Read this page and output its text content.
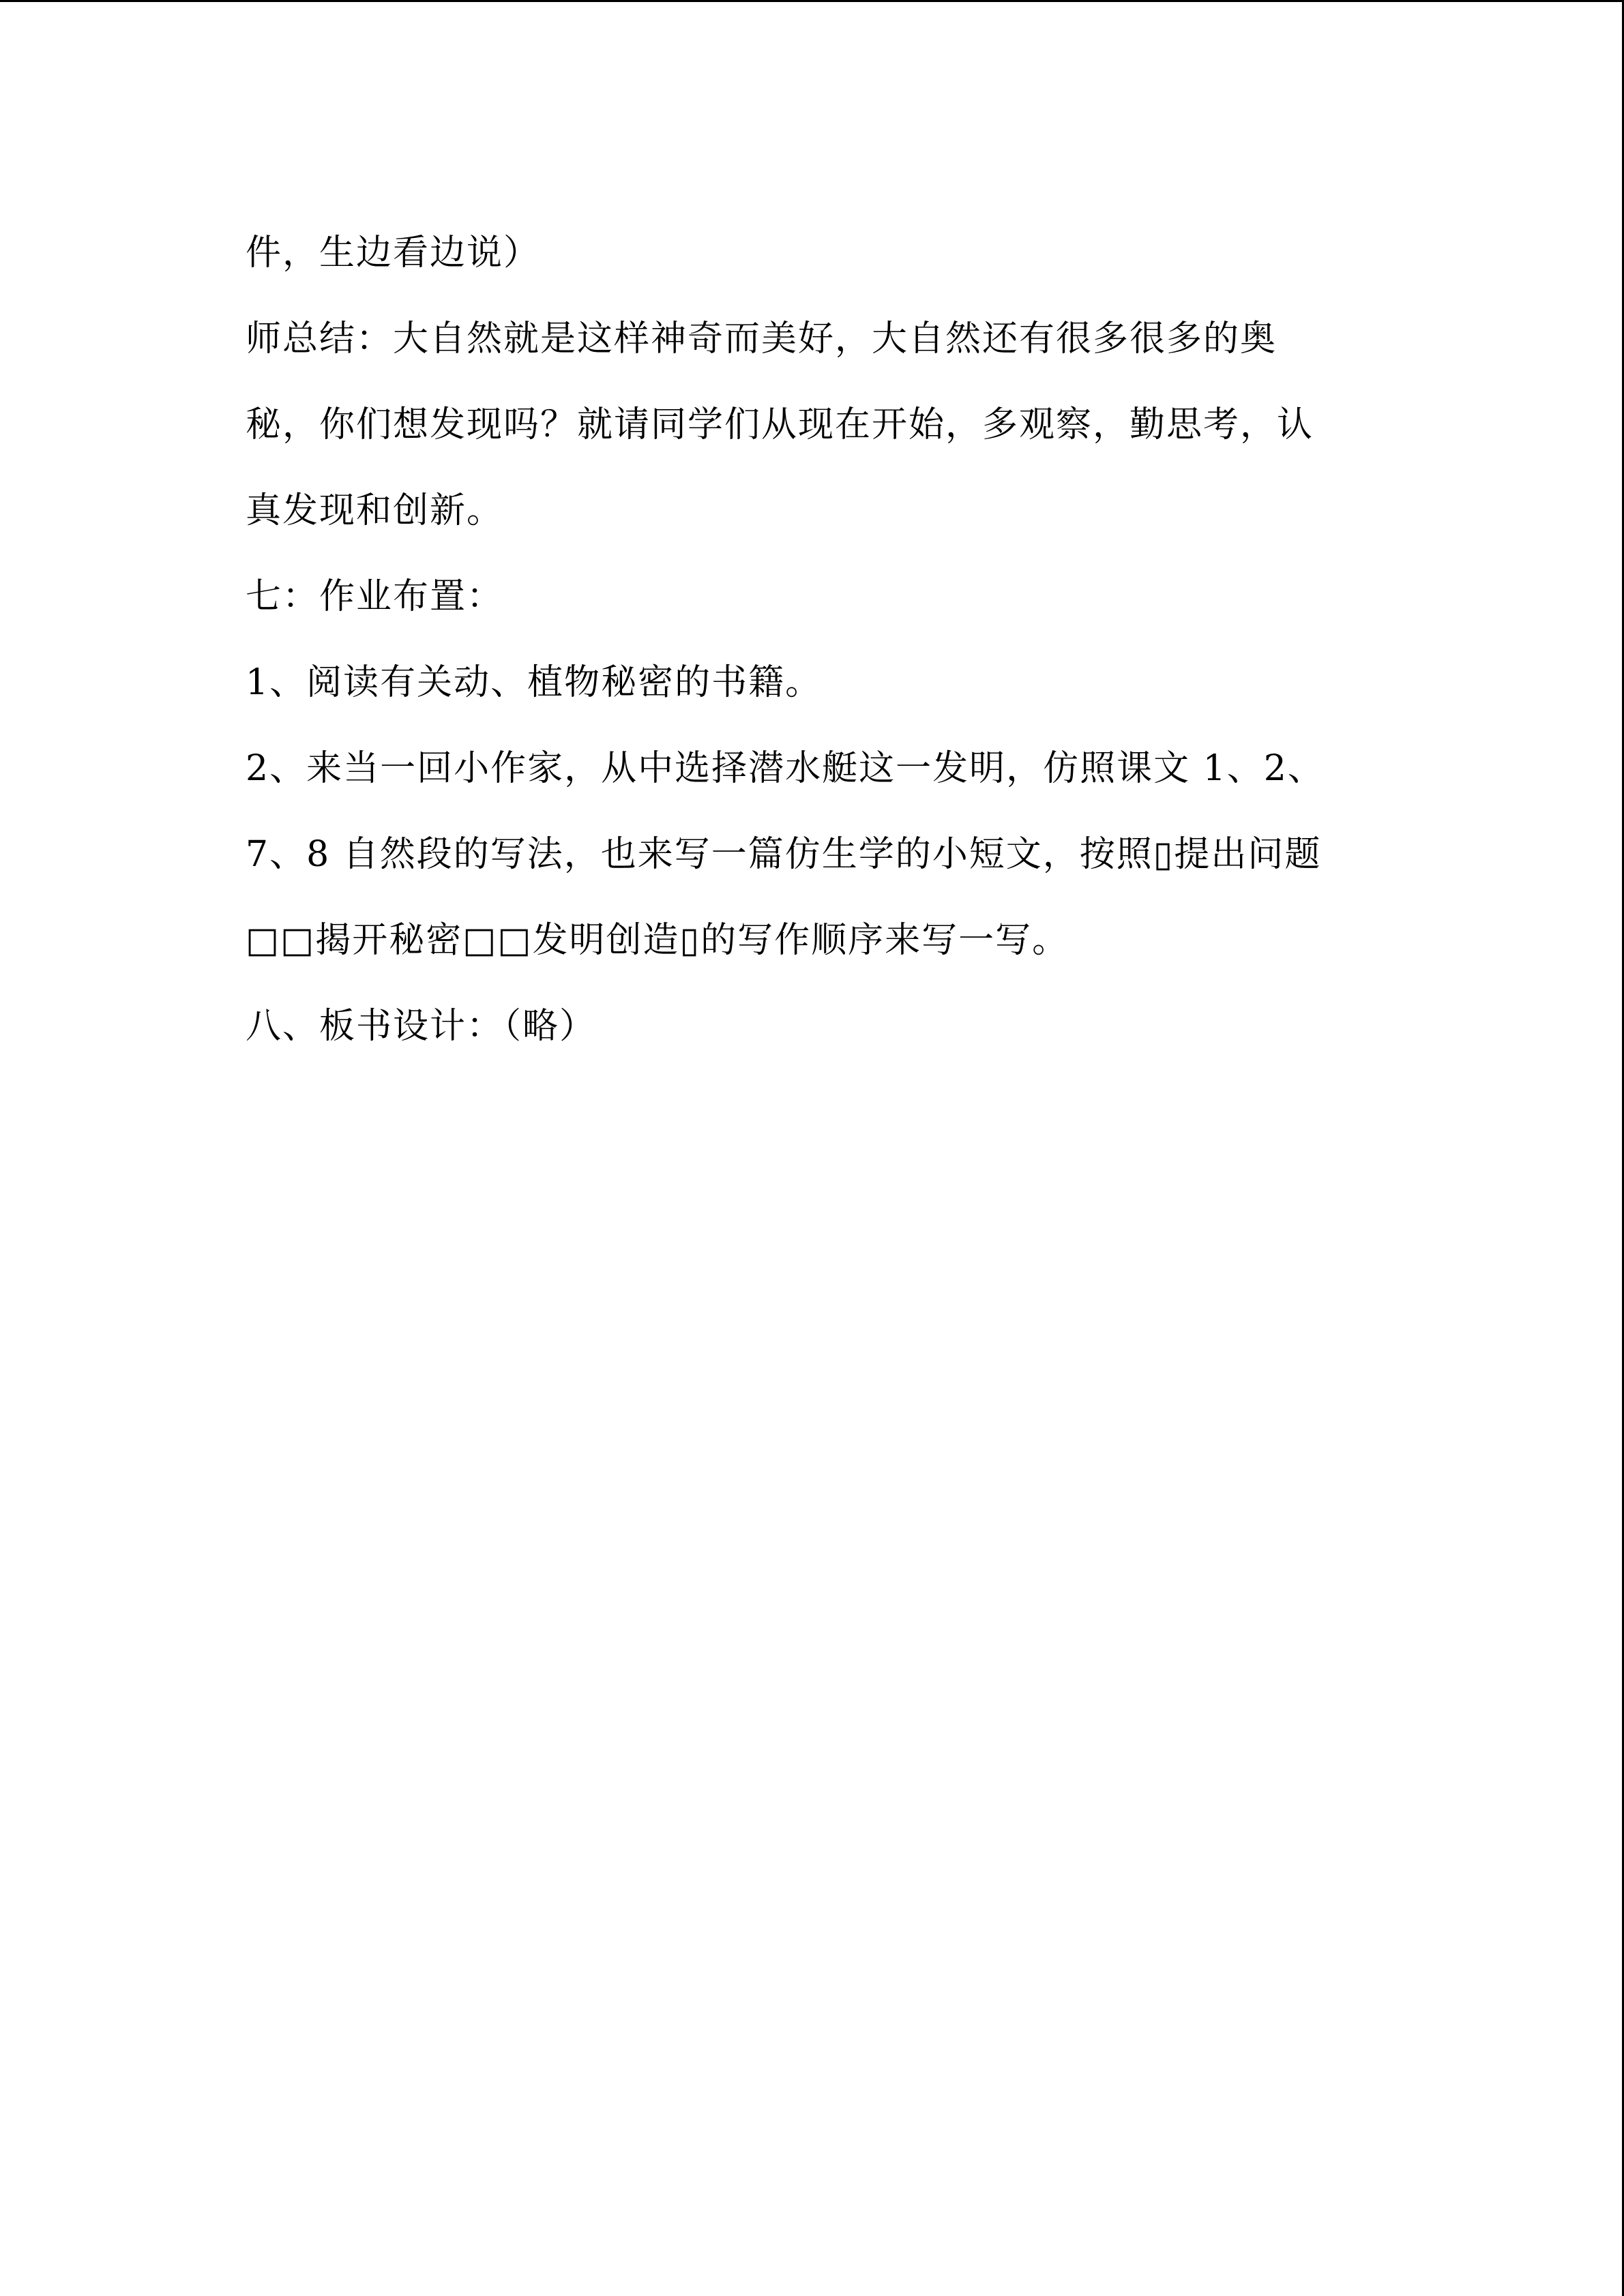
件，生边看边说）
师总结：大自然就是这样神奇而美好，大自然还有很多很多的奥
秘，你们想发现吗？就请同学们从现在开始，多观察，勤思考，认
真发现和创新。
七：作业布置：
1、阅读有关动、植物秘密的书籍。
2、来当一回小作家，从中选择潜水艇这一发明，仿照课文 1、2、
7、8 自然段的写法，也来写一篇仿生学的小短文，按照▯提出问题
□□揭开秘密□□发明创造▯的写作顺序来写一写。
八、板书设计：（略）
